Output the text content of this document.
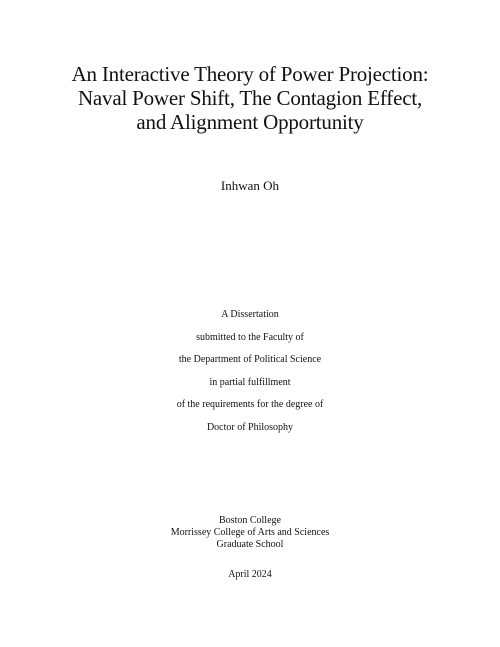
An Interactive Theory of Power Projection:
Naval Power Shift, The Contagion Effect,
and Alignment Opportunity
Inhwan Oh
A Dissertation
submitted to the Faculty of
the Department of Political Science
in partial fulfillment
of the requirements for the degree of
Doctor of Philosophy
Boston College
Morrissey College of Arts and Sciences
Graduate School
April 2024
